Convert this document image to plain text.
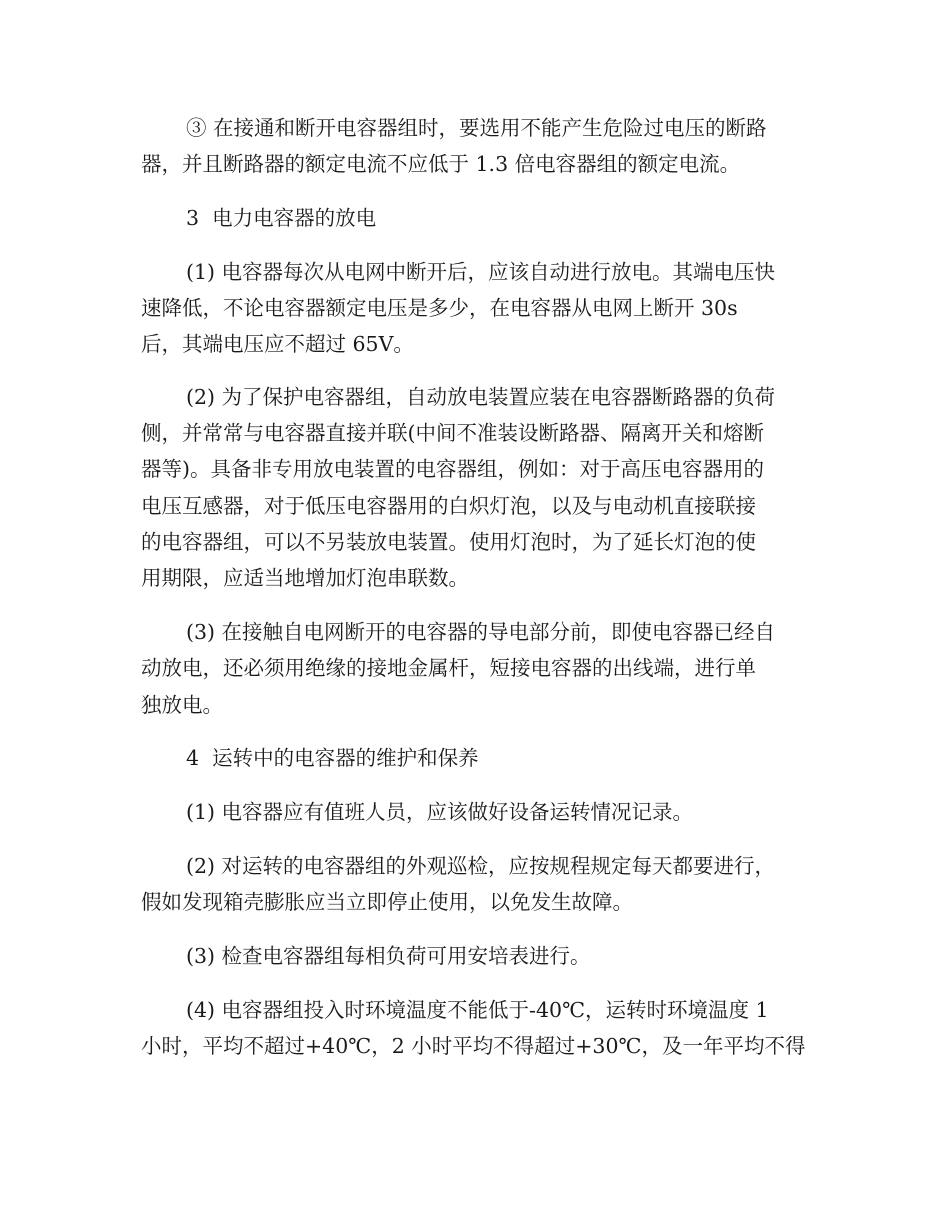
③ 在接通和断开电容器组时，要选用不能产生危险过电压的断路
器，并且断路器的额定电流不应低于 1.3 倍电容器组的额定电流。
3  电力电容器的放电
(1) 电容器每次从电网中断开后，应该自动进行放电。其端电压快
速降低，不论电容器额定电压是多少，在电容器从电网上断开 30s
后，其端电压应不超过 65V。
(2) 为了保护电容器组，自动放电装置应装在电容器断路器的负荷
侧，并常常与电容器直接并联(中间不准装设断路器、隔离开关和熔断
器等)。具备非专用放电装置的电容器组，例如：对于高压电容器用的
电压互感器，对于低压电容器用的白炽灯泡，以及与电动机直接联接
的电容器组，可以不另装放电装置。使用灯泡时，为了延长灯泡的使
用期限，应适当地增加灯泡串联数。
(3) 在接触自电网断开的电容器的导电部分前，即使电容器已经自
动放电，还必须用绝缘的接地金属杆，短接电容器的出线端，进行单
独放电。
4  运转中的电容器的维护和保养
(1) 电容器应有值班人员，应该做好设备运转情况记录。
(2) 对运转的电容器组的外观巡检，应按规程规定每天都要进行，
假如发现箱壳膨胀应当立即停止使用，以免发生故障。
(3) 检查电容器组每相负荷可用安培表进行。
(4) 电容器组投入时环境温度不能低于-40℃，运转时环境温度 1
小时，平均不超过+40℃，2 小时平均不得超过+30℃，及一年平均不得
